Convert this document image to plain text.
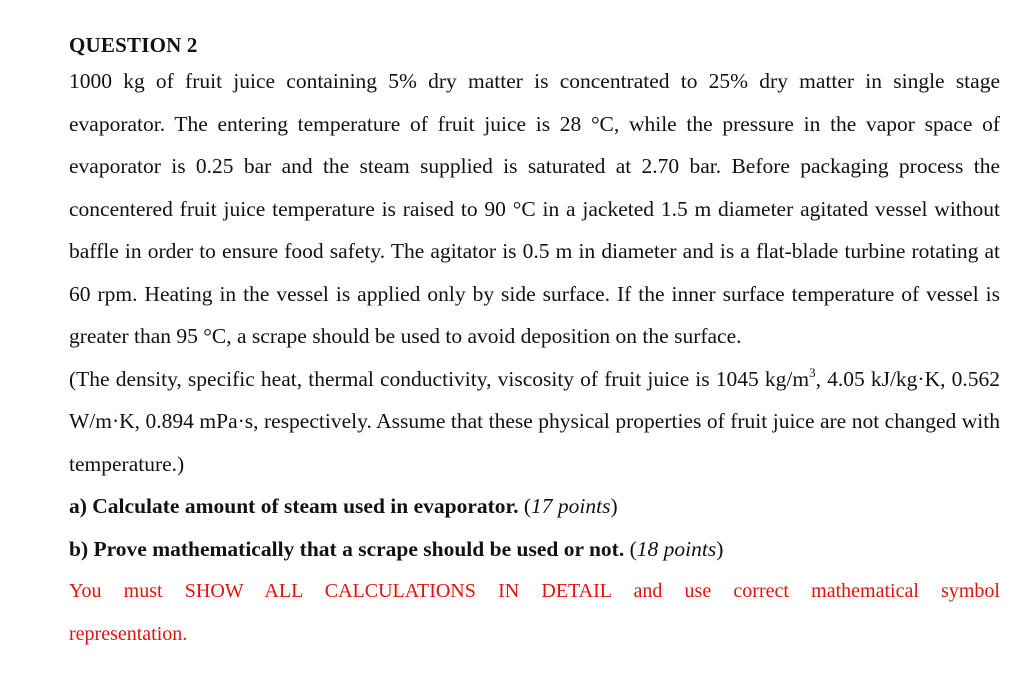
QUESTION 2

1000 kg of fruit juice containing 5% dry matter is concentrated to 25% dry matter in single stage evaporator. The entering temperature of fruit juice is 28 °C, while the pressure in the vapor space of evaporator is 0.25 bar and the steam supplied is saturated at 2.70 bar. Before packaging process the concentered fruit juice temperature is raised to 90 °C in a jacketed 1.5 m diameter agitated vessel without baffle in order to ensure food safety. The agitator is 0.5 m in diameter and is a flat-blade turbine rotating at 60 rpm. Heating in the vessel is applied only by side surface. If the inner surface temperature of vessel is greater than 95 °C, a scrape should be used to avoid deposition on the surface.

(The density, specific heat, thermal conductivity, viscosity of fruit juice is 1045 $kg/m^3$, 4.05 kJ/kg·K, 0.562 W/m·K, 0.894 mPa·s, respectively. Assume that these physical properties of fruit juice are not changed with temperature.)

a) Calculate amount of steam used in evaporator. (17 points)
b) Prove mathematically that a scrape should be used or not. (18 points)

You must SHOW ALL CALCULATIONS IN DETAIL and use correct mathematical symbol representation.
